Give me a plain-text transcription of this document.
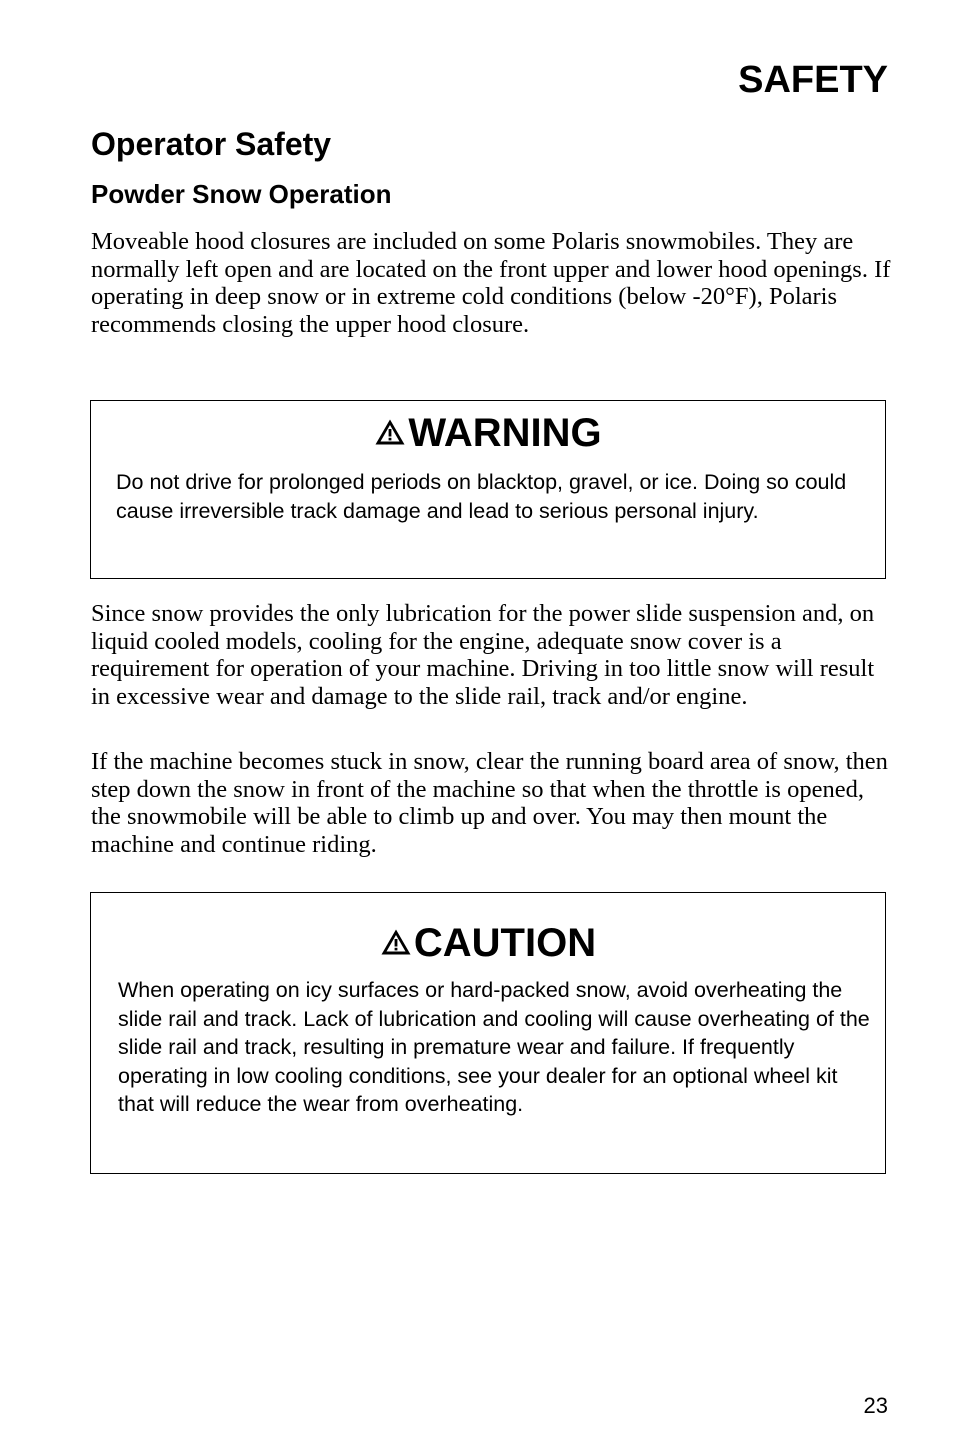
SAFETY
Operator Safety
Powder Snow Operation

Moveable hood closures are included on some Polaris snowmobiles. They are normally left open and are located on the front upper and lower hood openings. If operating in deep snow or in extreme cold conditions (below -20°F), Polaris recommends closing the upper hood closure.

WARNING

Do not drive for prolonged periods on blacktop, gravel, or ice. Doing so could cause irreversible track damage and lead to serious personal injury.

Since snow provides the only lubrication for the power slide suspension and, on liquid cooled models, cooling for the engine, adequate snow cover is a requirement for operation of your machine. Driving in too little snow will result in excessive wear and damage to the slide rail, track and/or engine.

If the machine becomes stuck in snow, clear the running board area of snow, then step down the snow in front of the machine so that when the throttle is opened, the snowmobile will be able to climb up and over. You may then mount the machine and continue riding.

CAUTION

When operating on icy surfaces or hard-packed snow, avoid overheating the slide rail and track. Lack of lubrication and cooling will cause overheating of the slide rail and track, resulting in premature wear and failure. If frequently operating in low cooling conditions, see your dealer for an optional wheel kit that will reduce the wear from overheating.

23
